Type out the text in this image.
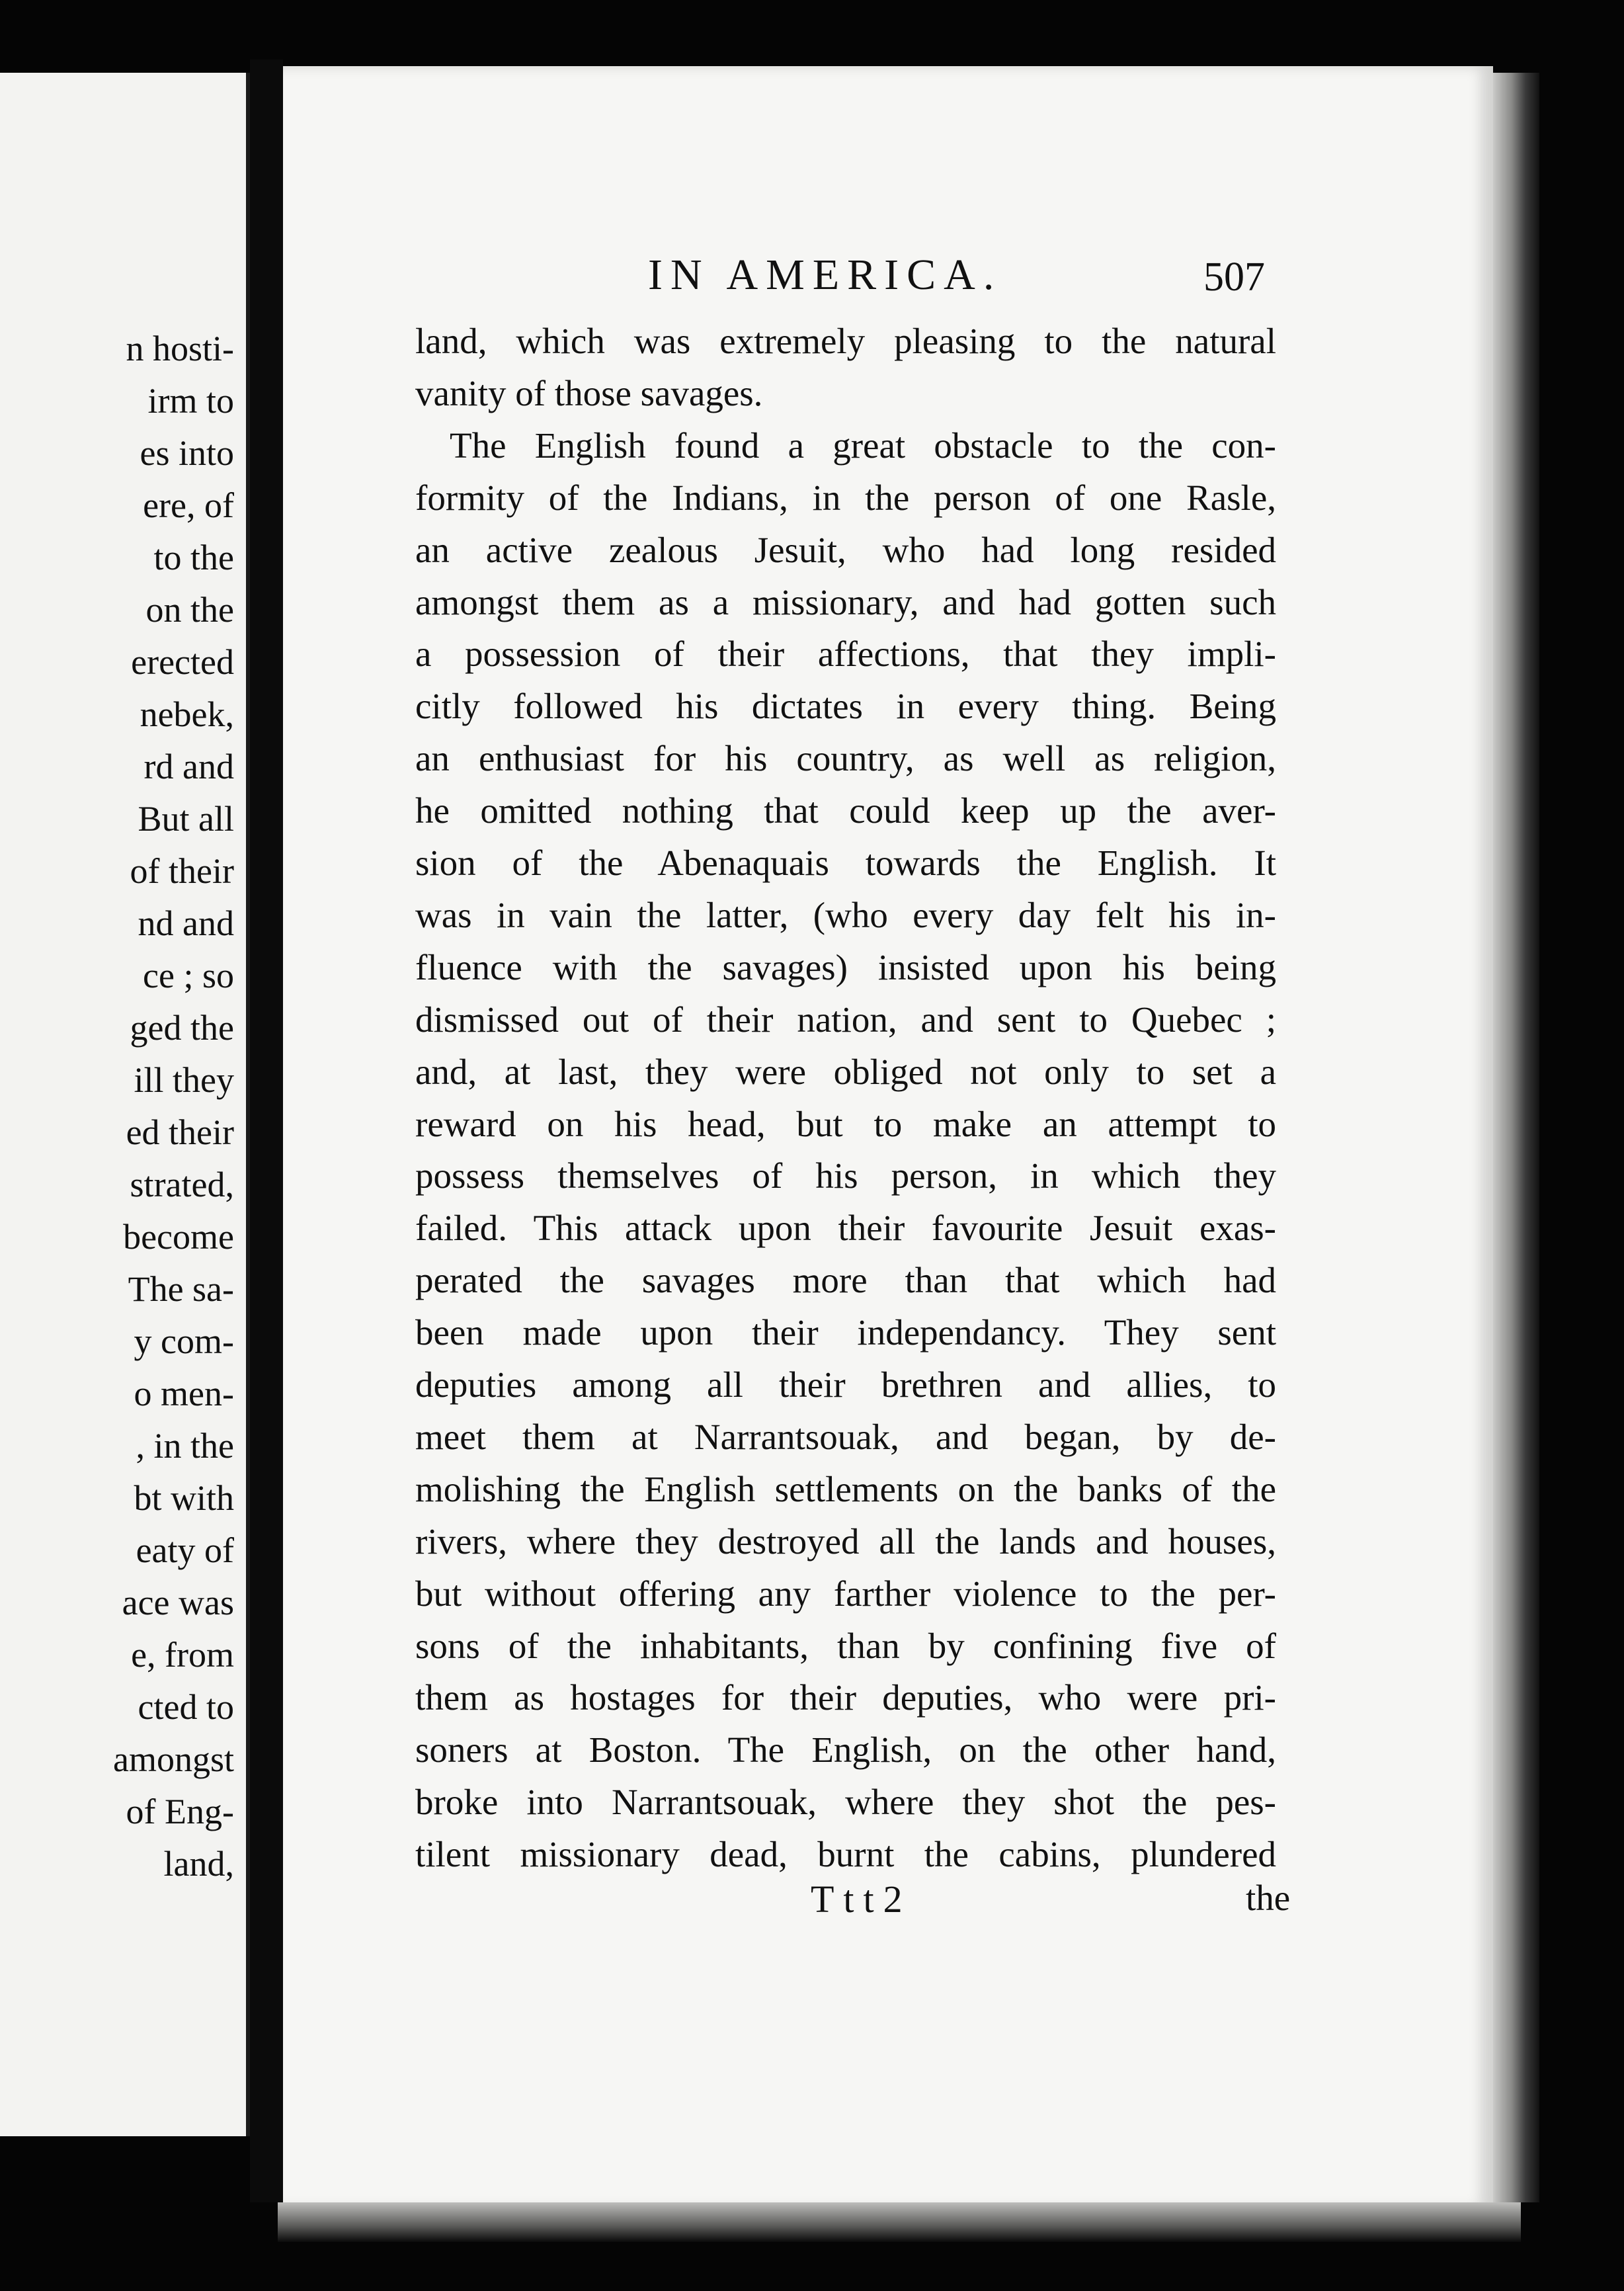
n hosti-
irm to
es into
ere, of
to the
on the
erected
nebek,
rd and
But all
of their
nd and
ce ; so
ged the
ill they
ed their
strated,
become
The sa-
y com-
o men-
, in the
bt with
eaty of
ace was
e, from
cted to
amongst
of Eng-
land,
IN AMERICA.	507
land, which was extremely pleasing to the natural
vanity of those savages.
The English found a great obstacle to the con-
formity of the Indians, in the person of one Rasle,
an active zealous Jesuit, who had long resided
amongst them as a missionary, and had gotten such
a possession of their affections, that they impli-
citly followed his dictates in every thing. Being
an enthusiast for his country, as well as religion,
he omitted nothing that could keep up the aver-
sion of the Abenaquais towards the English. It
was in vain the latter, (who every day felt his in-
fluence with the savages) insisted upon his being
dismissed out of their nation, and sent to Quebec ;
and, at last, they were obliged not only to set a
reward on his head, but to make an attempt to
possess themselves of his person, in which they
failed. This attack upon their favourite Jesuit exas-
perated the savages more than that which had
been made upon their independancy. They sent
deputies among all their brethren and allies, to
meet them at Narrantsouak, and began, by de-
molishing the English settlements on the banks of the
rivers, where they destroyed all the lands and houses,
but without offering any farther violence to the per-
sons of the inhabitants, than by confining five of
them as hostages for their deputies, who were pri-
soners at Boston. The English, on the other hand,
broke into Narrantsouak, where they shot the pes-
tilent missionary dead, burnt the cabins, plundered
Ttt2	the
